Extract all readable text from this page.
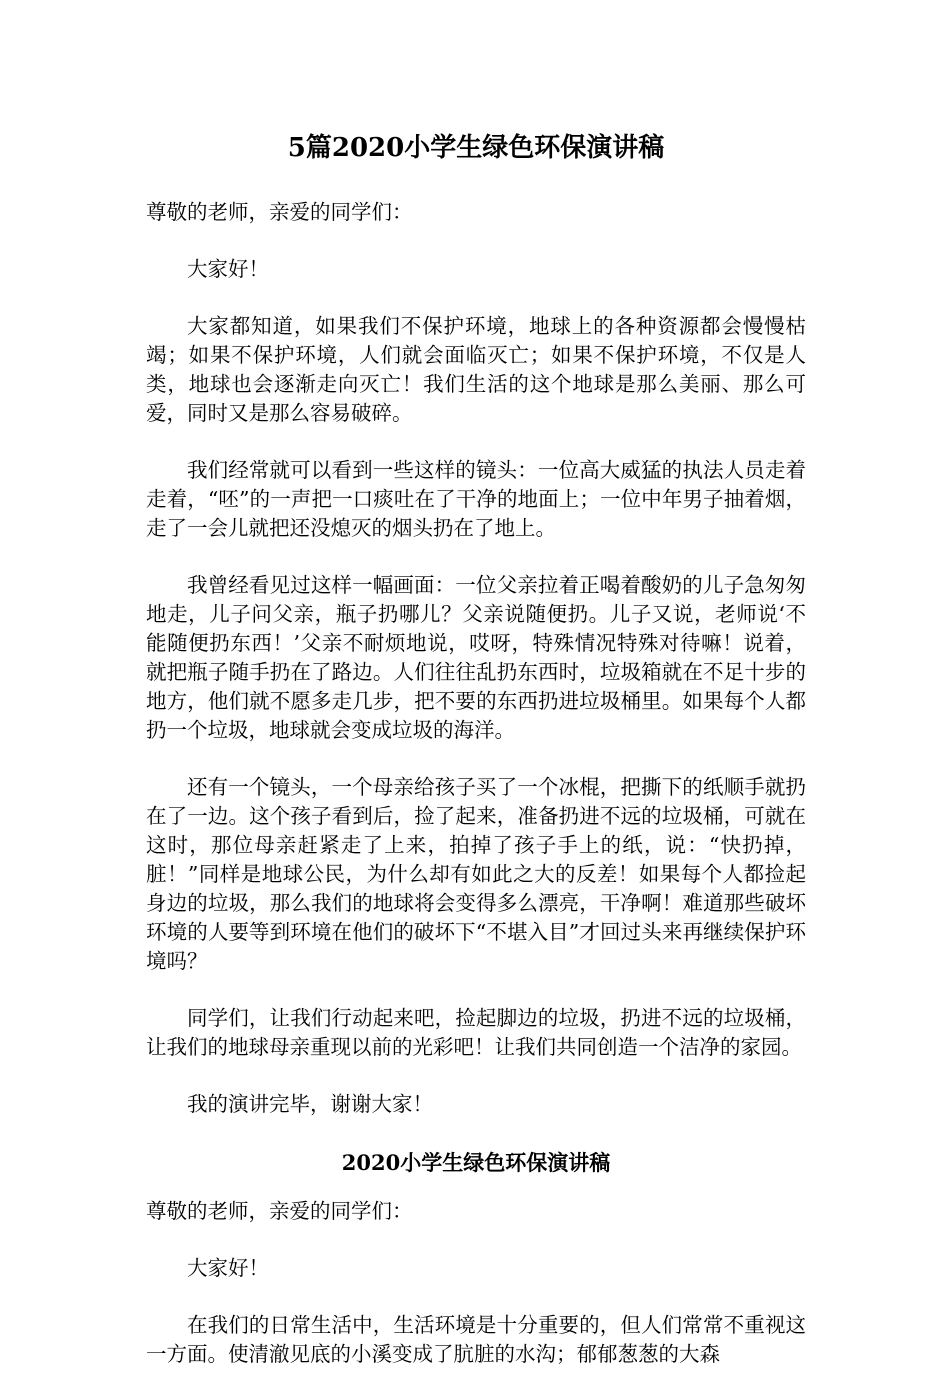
5篇2020小学生绿色环保演讲稿

尊敬的老师，亲爱的同学们：

大家好！

大家都知道，如果我们不保护环境，地球上的各种资源都会慢慢枯竭；如果不保护环境，人们就会面临灭亡；如果不保护环境，不仅是人类，地球也会逐渐走向灭亡！我们生活的这个地球是那么美丽、那么可爱，同时又是那么容易破碎。

我们经常就可以看到一些这样的镜头：一位高大威猛的执法人员走着走着，“呸”的一声把一口痰吐在了干净的地面上；一位中年男子抽着烟，走了一会儿就把还没熄灭的烟头扔在了地上。

我曾经看见过这样一幅画面：一位父亲拉着正喝着酸奶的儿子急匆匆地走，儿子问父亲，瓶子扔哪儿？父亲说随便扔。儿子又说，老师说‘不能随便扔东西！’父亲不耐烦地说，哎呀，特殊情况特殊对待嘛！说着，就把瓶子随手扔在了路边。人们往往乱扔东西时，垃圾箱就在不足十步的地方，他们就不愿多走几步，把不要的东西扔进垃圾桶里。如果每个人都扔一个垃圾，地球就会变成垃圾的海洋。

还有一个镜头，一个母亲给孩子买了一个冰棍，把撕下的纸顺手就扔在了一边。这个孩子看到后，捡了起来，准备扔进不远的垃圾桶，可就在这时，那位母亲赶紧走了上来，拍掉了孩子手上的纸，说：“快扔掉，脏！”同样是地球公民，为什么却有如此之大的反差！如果每个人都捡起身边的垃圾，那么我们的地球将会变得多么漂亮，干净啊！难道那些破坏环境的人要等到环境在他们的破坏下“不堪入目”才回过头来再继续保护环境吗？

同学们，让我们行动起来吧，捡起脚边的垃圾，扔进不远的垃圾桶，让我们的地球母亲重现以前的光彩吧！让我们共同创造一个洁净的家园。

我的演讲完毕，谢谢大家！

2020小学生绿色环保演讲稿

尊敬的老师，亲爱的同学们：

大家好！

在我们的日常生活中，生活环境是十分重要的，但人们常常不重视这一方面。使清澈见底的小溪变成了肮脏的水沟；郁郁葱葱的大森
